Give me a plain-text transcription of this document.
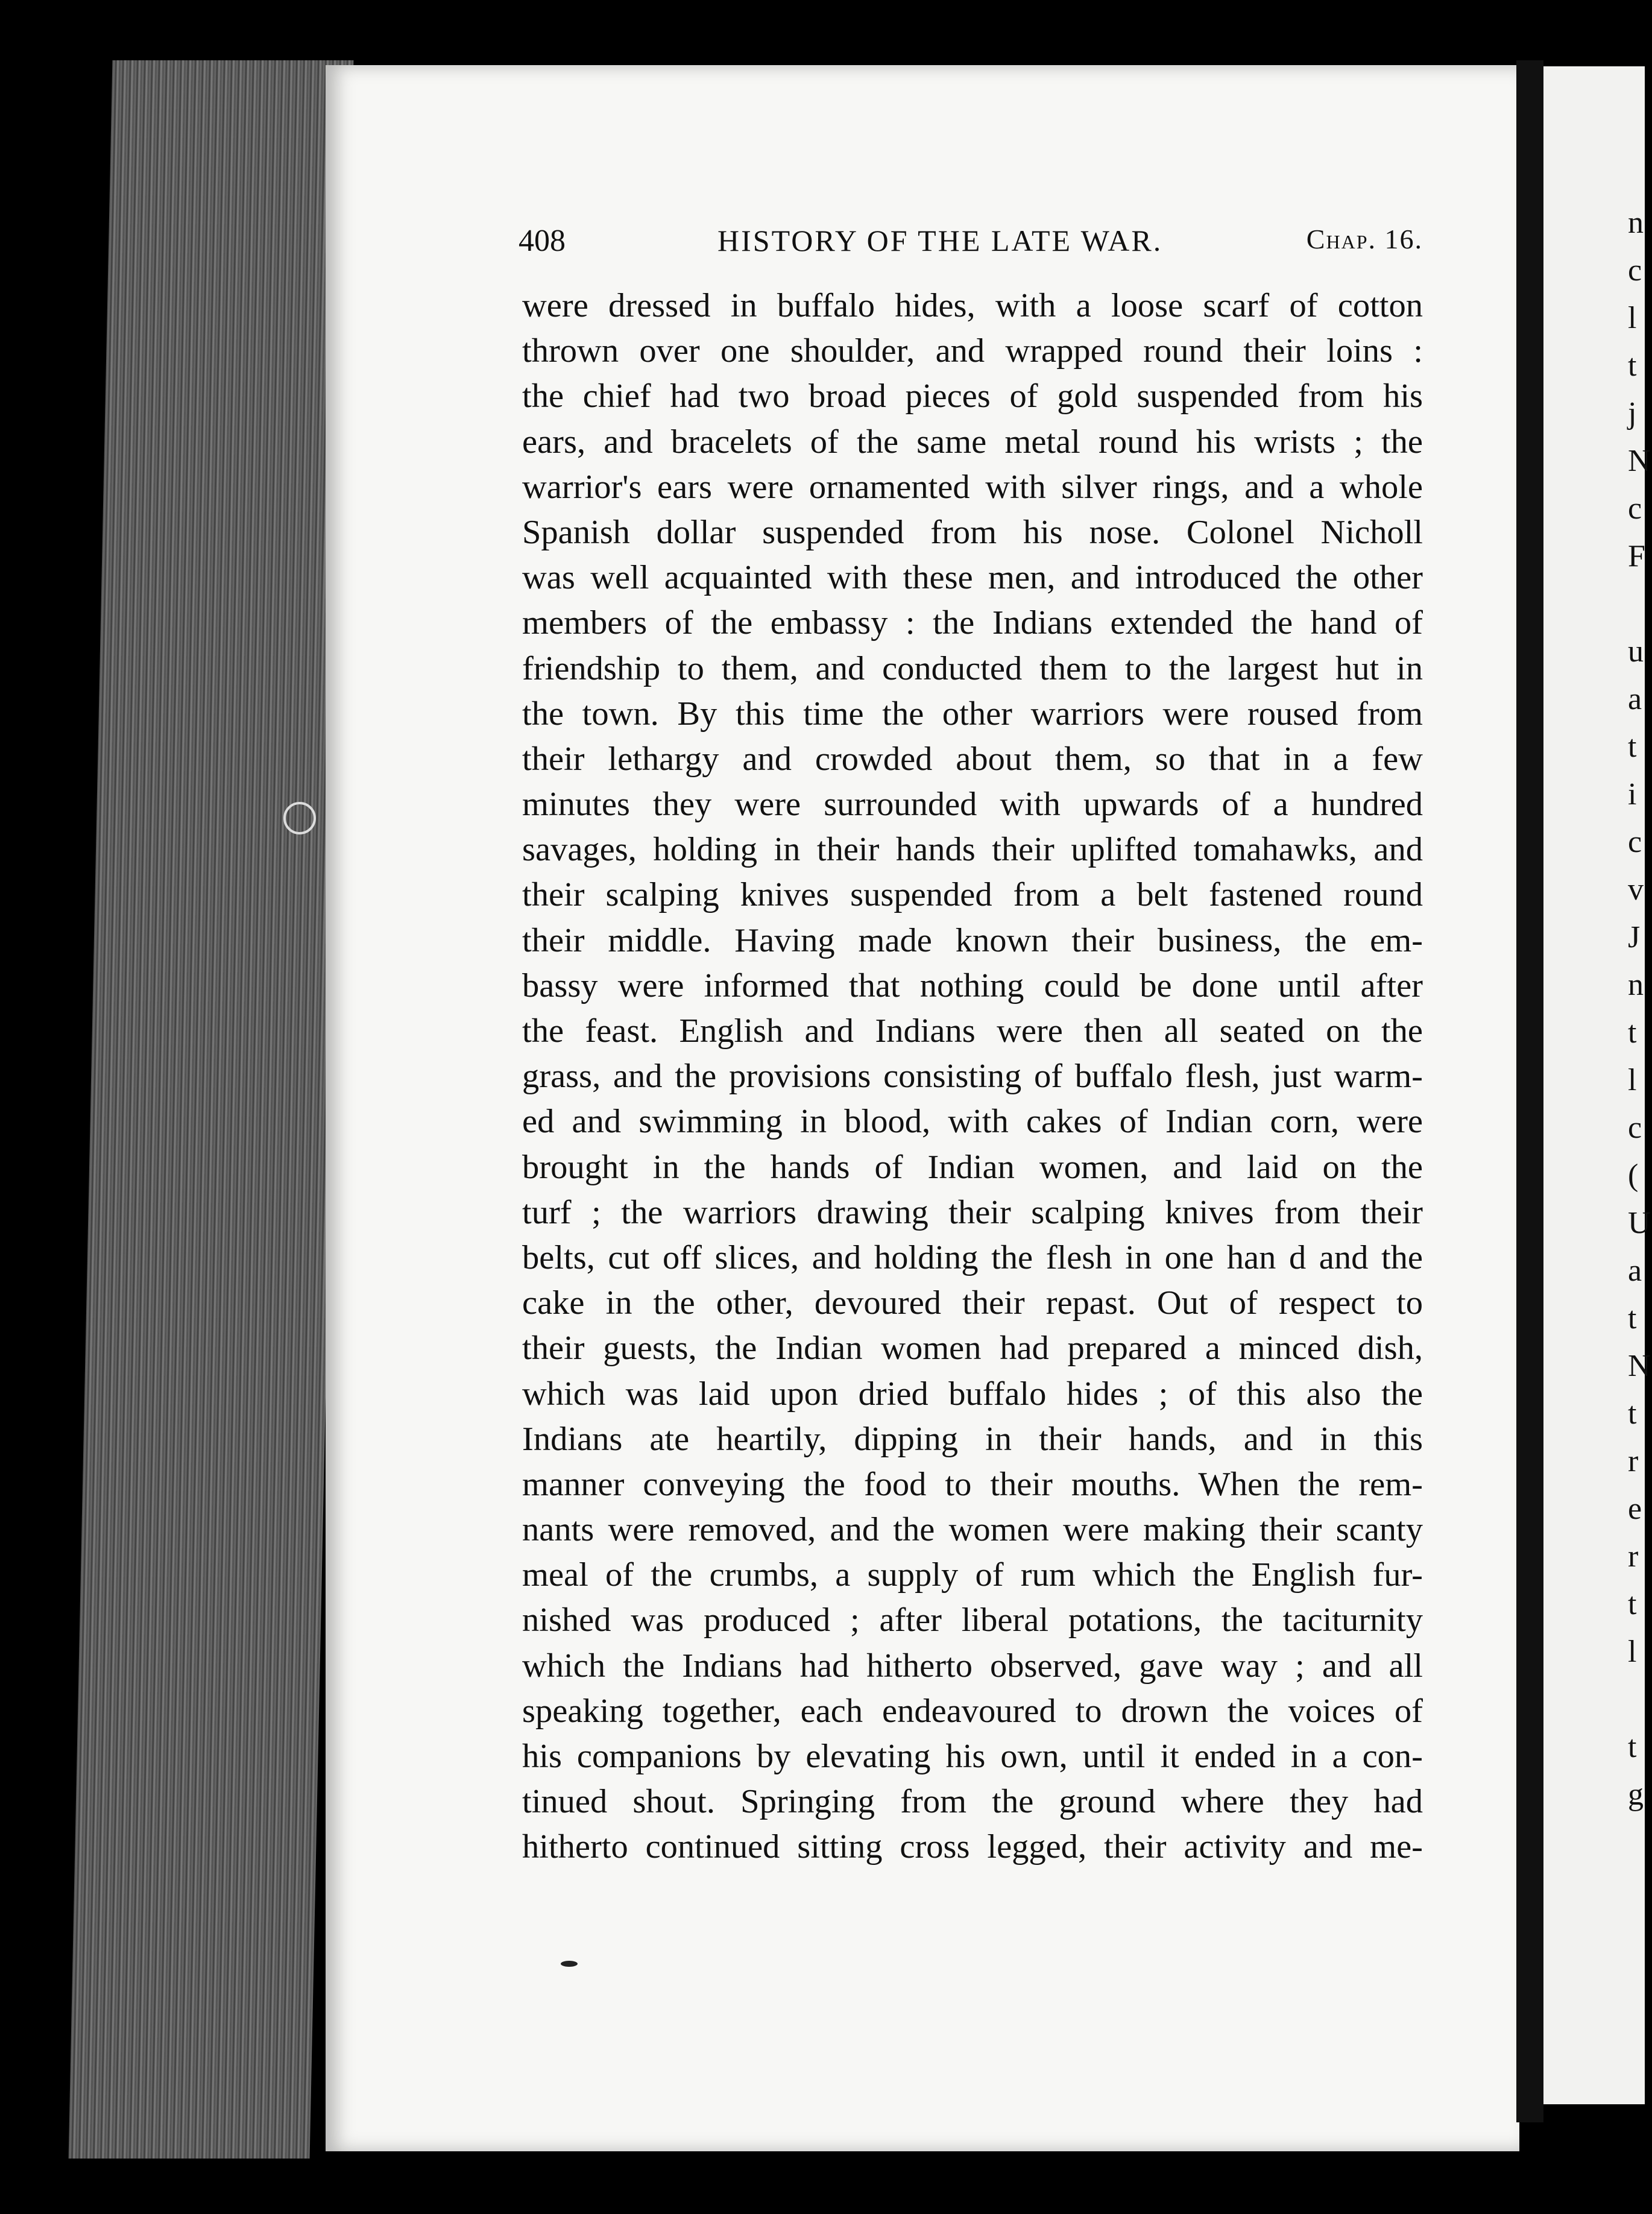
n
c
l
t
j
N
c
F

u
a
t
i
c
v
J
n
t
l
c
(
U
a
t
N
t
r
e
r
t
l

t
g
408	HISTORY OF THE LATE WAR.	Chap. 16.
were dressed in buffalo hides, with a loose scarf of cotton
thrown over one shoulder, and wrapped round their loins :
the chief had two broad pieces of gold suspended from his
ears, and bracelets of the same metal round his wrists ; the
warrior's ears were ornamented with silver rings, and a whole
Spanish dollar suspended from his nose. Colonel Nicholl
was well acquainted with these men, and introduced the other
members of the embassy : the Indians extended the hand of
friendship to them, and conducted them to the largest hut in
the town. By this time the other warriors were roused from
their lethargy and crowded about them, so that in a few
minutes they were surrounded with upwards of a hundred
savages, holding in their hands their uplifted tomahawks, and
their scalping knives suspended from a belt fastened round
their middle. Having made known their business, the em-
bassy were informed that nothing could be done until after
the feast. English and Indians were then all seated on the
grass, and the provisions consisting of buffalo flesh, just warm-
ed and swimming in blood, with cakes of Indian corn, were
brought in the hands of Indian women, and laid on the
turf ; the warriors drawing their scalping knives from their
belts, cut off slices, and holding the flesh in one han d and the
cake in the other, devoured their repast. Out of respect to
their guests, the Indian women had prepared a minced dish,
which was laid upon dried buffalo hides ; of this also the
Indians ate heartily, dipping in their hands, and in this
manner conveying the food to their mouths. When the rem-
nants were removed, and the women were making their scanty
meal of the crumbs, a supply of rum which the English fur-
nished was produced ; after liberal potations, the taciturnity
which the Indians had hitherto observed, gave way ; and all
speaking together, each endeavoured to drown the voices of
his companions by elevating his own, until it ended in a con-
tinued shout. Springing from the ground where they had
hitherto continued sitting cross legged, their activity and me-
